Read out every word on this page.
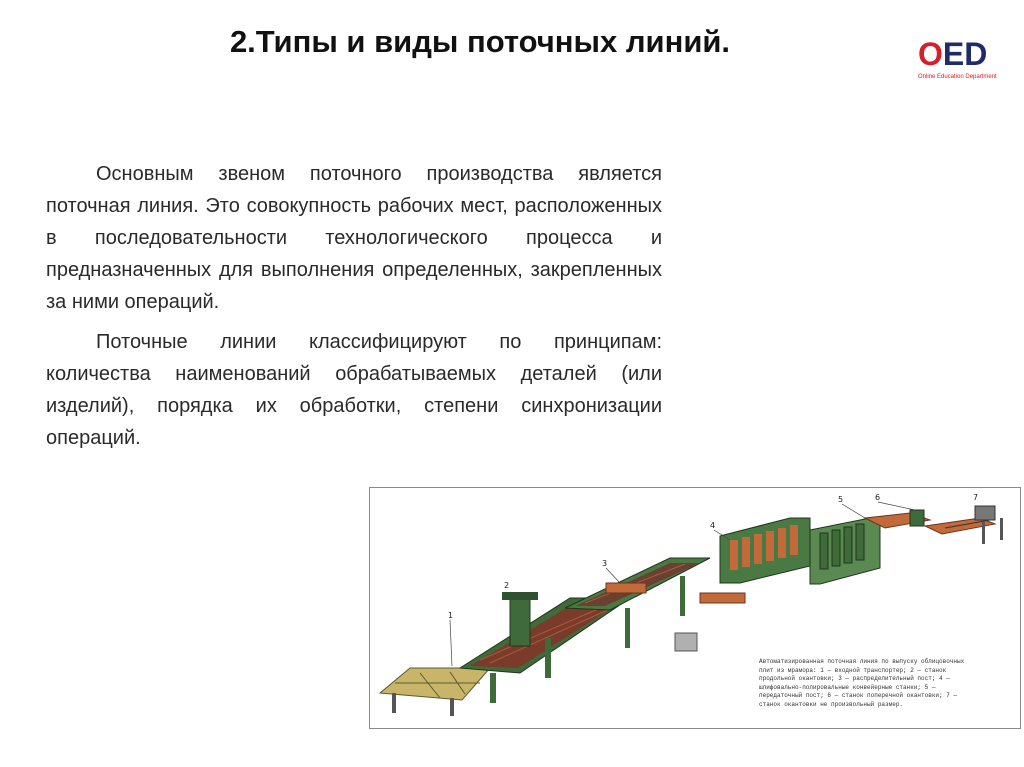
2.Типы и виды поточных линий.	OED
Online Education Department

Основным звеном поточного производства является поточная линия. Это совокупность рабочих мест, расположенных в последовательности технологического процесса и предназначенных для выполнения определенных, закрепленных за ними операций.

Поточные линии классифицируют по принципам: количества наименований обрабатываемых деталей (или изделий), порядка их обработки, степени синхронизации операций.

1
2
3
4
5	6	7
Автоматизированная поточная линия по выпуску облицовочных плит из мрамора: 1 — входной транспортер; 2 — станок продольной окантовки; 3 — распределительный пост; 4 — шлифовально-полировальные конвейерные станки; 5 — передаточный пост; 6 — станок поперечной окантовки; 7 — станок окантовки не произвольный размер.
